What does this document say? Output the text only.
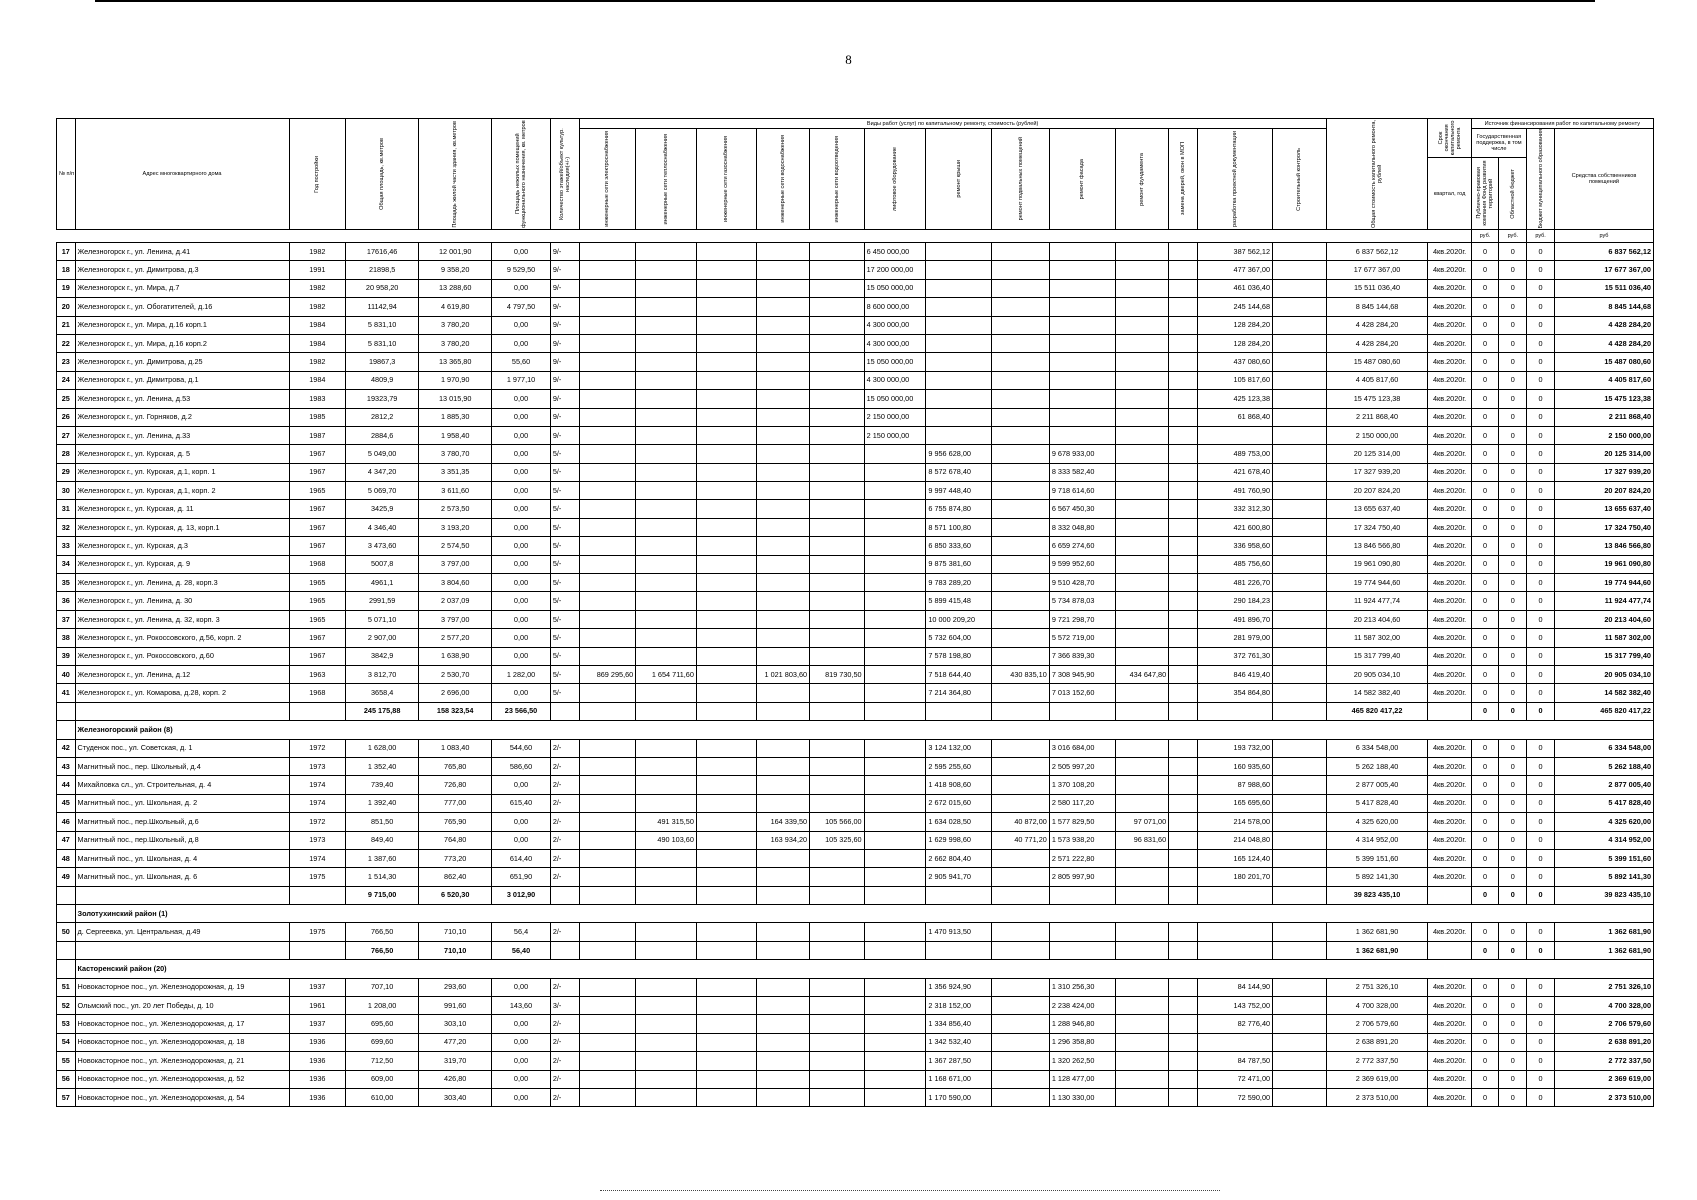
8
№ п/п	Адрес многоквартирного дома	Год постройки	Общая площадь, кв.метров	Площадь жилой части здания, кв.метров	Площадь нежилых помещений функционального назначения, кв. метров	Количество этажей/объект культур. наследия(+/-)	Виды работ (услуг) по капитальному ремонту, стоимость (рублей)													Общая стоимость капитального ремонта, рублей	Срок окончания капитального ремонта	Источник финансирования работ по капитальному ремонту			

							инженерные сети электроснабжения	инженерные сети теплоснабжения	инженерные сети газоснабжения	инженерные сети водоснабжения	инженерные сети водоотведения	лифтовое оборудование	ремонт крыши	ремонт подвальных помещений	ремонт фасада	ремонт фундамента	замена дверей, окон в МОП	разработка проектной документации	Строительный контроль			Государственная поддержка, в том числе		Бюджет муниципального образования	Средства собственников помещений
																					квартал, год	Публично-правовая компания Фонд развития территорий	Областной бюджет		

																						руб.	руб.	руб.	руб
17	Железногорск г., ул. Ленина, д.41	1982	17616,46	12 001,90	0,00	9/-						6 450 000,00						387 562,12		6 837 562,12	4кв.2020г.	0	0	0	6 837 562,12
18	Железногорск г., ул. Димитрова, д.3	1991	21898,5	9 358,20	9 529,50	9/-						17 200 000,00						477 367,00		17 677 367,00	4кв.2020г.	0	0	0	17 677 367,00
19	Железногорск г., ул. Мира, д.7	1982	20 958,20	13 288,60	0,00	9/-						15 050 000,00						461 036,40		15 511 036,40	4кв.2020г.	0	0	0	15 511 036,40
20	Железногорск г., ул. Обогатителей, д.16	1982	11142,94	4 619,80	4 797,50	9/-						8 600 000,00						245 144,68		8 845 144,68	4кв.2020г.	0	0	0	8 845 144,68
21	Железногорск г., ул. Мира, д.16 корп.1	1984	5 831,10	3 780,20	0,00	9/-						4 300 000,00						128 284,20		4 428 284,20	4кв.2020г.	0	0	0	4 428 284,20
22	Железногорск г., ул. Мира, д.16 корп.2	1984	5 831,10	3 780,20	0,00	9/-						4 300 000,00						128 284,20		4 428 284,20	4кв.2020г.	0	0	0	4 428 284,20
23	Железногорск г., ул. Димитрова, д.25	1982	19867,3	13 365,80	55,60	9/-						15 050 000,00						437 080,60		15 487 080,60	4кв.2020г.	0	0	0	15 487 080,60
24	Железногорск г., ул. Димитрова, д.1	1984	4809,9	1 970,90	1 977,10	9/-						4 300 000,00						105 817,60		4 405 817,60	4кв.2020г.	0	0	0	4 405 817,60
25	Железногорск г., ул. Ленина, д.53	1983	19323,79	13 015,90	0,00	9/-						15 050 000,00						425 123,38		15 475 123,38	4кв.2020г.	0	0	0	15 475 123,38
26	Железногорск г., ул. Горняков, д.2	1985	2812,2	1 885,30	0,00	9/-						2 150 000,00						61 868,40		2 211 868,40	4кв.2020г.	0	0	0	2 211 868,40
27	Железногорск г., ул. Ленина, д.33	1987	2884,6	1 958,40	0,00	9/-						2 150 000,00								2 150 000,00	4кв.2020г.	0	0	0	2 150 000,00
28	Железногорск г., ул. Курская, д. 5	1967	5 049,00	3 780,70	0,00	5/-							9 956 628,00		9 678 933,00			489 753,00		20 125 314,00	4кв.2020г.	0	0	0	20 125 314,00
29	Железногорск г., ул. Курская, д.1, корп. 1	1967	4 347,20	3 351,35	0,00	5/-							8 572 678,40		8 333 582,40			421 678,40		17 327 939,20	4кв.2020г.	0	0	0	17 327 939,20
30	Железногорск г., ул. Курская, д.1, корп. 2	1965	5 069,70	3 611,60	0,00	5/-							9 997 448,40		9 718 614,60			491 760,90		20 207 824,20	4кв.2020г.	0	0	0	20 207 824,20
31	Железногорск г., ул. Курская, д. 11	1967	3425,9	2 573,50	0,00	5/-							6 755 874,80		6 567 450,30			332 312,30		13 655 637,40	4кв.2020г.	0	0	0	13 655 637,40
32	Железногорск г., ул. Курская, д. 13, корп.1	1967	4 346,40	3 193,20	0,00	5/-							8 571 100,80		8 332 048,80			421 600,80		17 324 750,40	4кв.2020г.	0	0	0	17 324 750,40
33	Железногорск г., ул. Курская, д.3	1967	3 473,60	2 574,50	0,00	5/-							6 850 333,60		6 659 274,60			336 958,60		13 846 566,80	4кв.2020г.	0	0	0	13 846 566,80
34	Железногорск г., ул. Курская, д. 9	1968	5007,8	3 797,00	0,00	5/-							9 875 381,60		9 599 952,60			485 756,60		19 961 090,80	4кв.2020г.	0	0	0	19 961 090,80
35	Железногорск г., ул. Ленина, д. 28, корп.3	1965	4961,1	3 804,60	0,00	5/-							9 783 289,20		9 510 428,70			481 226,70		19 774 944,60	4кв.2020г.	0	0	0	19 774 944,60
36	Железногорск г., ул. Ленина, д. 30	1965	2991,59	2 037,09	0,00	5/-							5 899 415,48		5 734 878,03			290 184,23		11 924 477,74	4кв.2020г.	0	0	0	11 924 477,74
37	Железногорск г., ул. Ленина, д. 32, корп. 3	1965	5 071,10	3 797,00	0,00	5/-							10 000 209,20		9 721 298,70			491 896,70		20 213 404,60	4кв.2020г.	0	0	0	20 213 404,60
38	Железногорск г., ул. Рокоссовского, д.56, корп. 2	1967	2 907,00	2 577,20	0,00	5/-							5 732 604,00		5 572 719,00			281 979,00		11 587 302,00	4кв.2020г.	0	0	0	11 587 302,00
39	Железногорск г., ул. Рокоссовского, д.60	1967	3842,9	1 638,90	0,00	5/-							7 578 198,80		7 366 839,30			372 761,30		15 317 799,40	4кв.2020г.	0	0	0	15 317 799,40
40	Железногорск г., ул. Ленина, д.12	1963	3 812,70	2 530,70	1 282,00	5/-	869 295,60	1 654 711,60		1 021 803,60	819 730,50		7 518 644,40	430 835,10	7 308 945,90	434 647,80		846 419,40		20 905 034,10	4кв.2020г.	0	0	0	20 905 034,10
41	Железногорск г., ул. Комарова, д.28, корп. 2	1968	3658,4	2 696,00	0,00	5/-							7 214 364,80		7 013 152,60			354 864,80		14 582 382,40	4кв.2020г.	0	0	0	14 582 382,40
			245 175,88	158 323,54	23 566,50															465 820 417,22		0	0	0	465 820 417,22
	Железногорский район (8)																								
42	Студенок пос., ул. Советская, д. 1	1972	1 628,00	1 083,40	544,60	2/-							3 124 132,00		3 016 684,00			193 732,00		6 334 548,00	4кв.2020г.	0	0	0	6 334 548,00
43	Магнитный пос., пер. Школьный, д.4	1973	1 352,40	765,80	586,60	2/-							2 595 255,60		2 505 997,20			160 935,60		5 262 188,40	4кв.2020г.	0	0	0	5 262 188,40
44	Михайловка сл., ул. Строительная, д. 4	1974	739,40	726,80	0,00	2/-							1 418 908,60		1 370 108,20			87 988,60		2 877 005,40	4кв.2020г.	0	0	0	2 877 005,40
45	Магнитный пос., ул. Школьная, д. 2	1974	1 392,40	777,00	615,40	2/-							2 672 015,60		2 580 117,20			165 695,60		5 417 828,40	4кв.2020г.	0	0	0	5 417 828,40
46	Магнитный пос., пер.Школьный, д.6	1972	851,50	765,90	0,00	2/-		491 315,50		164 339,50	105 566,00		1 634 028,50	40 872,00	1 577 829,50	97 071,00		214 578,00		4 325 620,00	4кв.2020г.	0	0	0	4 325 620,00
47	Магнитный пос., пер.Школьный, д.8	1973	849,40	764,80	0,00	2/-		490 103,60		163 934,20	105 325,60		1 629 998,60	40 771,20	1 573 938,20	96 831,60		214 048,80		4 314 952,00	4кв.2020г.	0	0	0	4 314 952,00
48	Магнитный пос., ул. Школьная, д. 4	1974	1 387,60	773,20	614,40	2/-							2 662 804,40		2 571 222,80			165 124,40		5 399 151,60	4кв.2020г.	0	0	0	5 399 151,60
49	Магнитный пос., ул. Школьная, д. 6	1975	1 514,30	862,40	651,90	2/-							2 905 941,70		2 805 997,90			180 201,70		5 892 141,30	4кв.2020г.	0	0	0	5 892 141,30
			9 715,00	6 520,30	3 012,90															39 823 435,10		0	0	0	39 823 435,10
	Золотухинский район (1)																								
50	д. Сергеевка, ул. Центральная, д.49	1975	766,50	710,10	56,4	2/-							1 470 913,50							1 362 681,90	4кв.2020г.	0	0	0	1 362 681,90
			766,50	710,10	56,40															1 362 681,90		0	0	0	1 362 681,90
	Касторенский район (20)																								
51	Новокасторное пос., ул. Железнодорожная, д. 19	1937	707,10	293,60	0,00	2/-							1 356 924,90		1 310 256,30			84 144,90		2 751 326,10	4кв.2020г.	0	0	0	2 751 326,10
52	Ольмский пос., ул. 20 лет Победы, д. 10	1961	1 208,00	991,60	143,60	3/-							2 318 152,00		2 238 424,00			143 752,00		4 700 328,00	4кв.2020г.	0	0	0	4 700 328,00
53	Новокасторное пос., ул. Железнодорожная, д. 17	1937	695,60	303,10	0,00	2/-							1 334 856,40		1 288 946,80			82 776,40		2 706 579,60	4кв.2020г.	0	0	0	2 706 579,60
54	Новокасторное пос., ул. Железнодорожная, д. 18	1936	699,60	477,20	0,00	2/-							1 342 532,40		1 296 358,80					2 638 891,20	4кв.2020г.	0	0	0	2 638 891,20
55	Новокасторное пос., ул. Железнодорожная, д. 21	1936	712,50	319,70	0,00	2/-							1 367 287,50		1 320 262,50			84 787,50		2 772 337,50	4кв.2020г.	0	0	0	2 772 337,50
56	Новокасторное пос., ул. Железнодорожная, д. 52	1936	609,00	426,80	0,00	2/-							1 168 671,00		1 128 477,00			72 471,00		2 369 619,00	4кв.2020г.	0	0	0	2 369 619,00
57	Новокасторное пос., ул. Железнодорожная, д. 54	1936	610,00	303,40	0,00	2/-							1 170 590,00		1 130 330,00			72 590,00		2 373 510,00	4кв.2020г.	0	0	0	2 373 510,00
